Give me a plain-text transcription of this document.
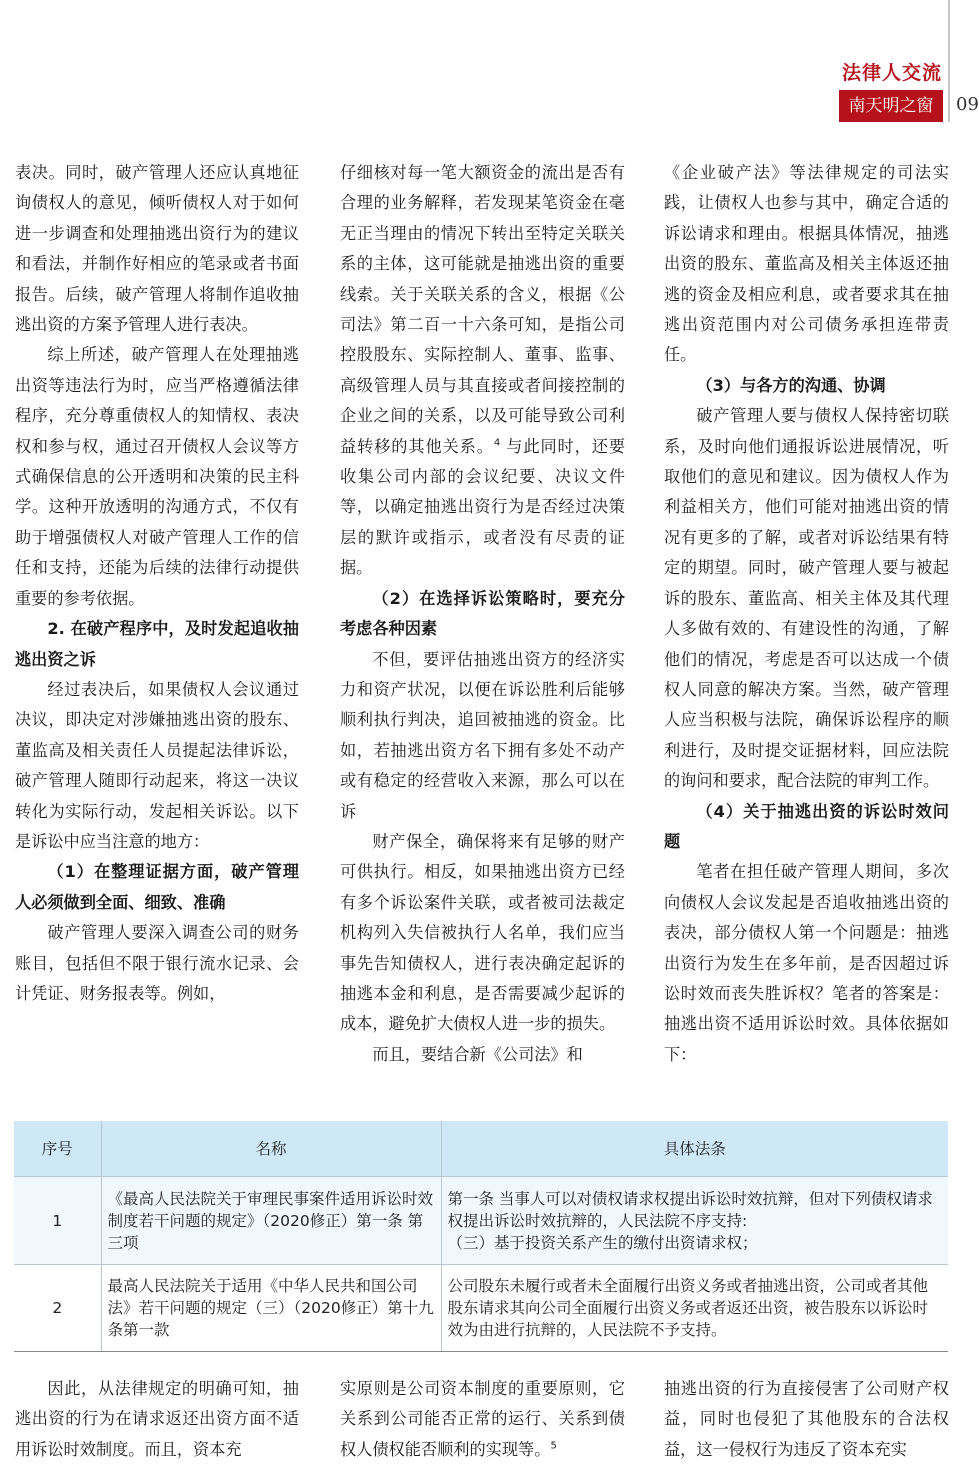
法律人交流
南天明之窗	09

表决。同时，破产管理人还应认真地征询债权人的意见，倾听债权人对于如何进一步调查和处理抽逃出资行为的建议和看法，并制作好相应的笔录或者书面报告。后续，破产管理人将制作追收抽逃出资的方案予管理人进行表决。

综上所述，破产管理人在处理抽逃出资等违法行为时，应当严格遵循法律程序，充分尊重债权人的知情权、表决权和参与权，通过召开债权人会议等方式确保信息的公开透明和决策的民主科学。这种开放透明的沟通方式，不仅有助于增强债权人对破产管理人工作的信任和支持，还能为后续的法律行动提供重要的参考依据。

2. 在破产程序中，及时发起追收抽逃出资之诉

经过表决后，如果债权人会议通过决议，即决定对涉嫌抽逃出资的股东、董监高及相关责任人员提起法律诉讼，破产管理人随即行动起来，将这一决议转化为实际行动，发起相关诉讼。以下是诉讼中应当注意的地方：

（1）在整理证据方面，破产管理人必须做到全面、细致、准确

破产管理人要深入调查公司的财务账目，包括但不限于银行流水记录、会计凭证、财务报表等。例如，

仔细核对每一笔大额资金的流出是否有合理的业务解释，若发现某笔资金在毫无正当理由的情况下转出至特定关联关系的主体，这可能就是抽逃出资的重要线索。关于关联关系的含义，根据《公司法》第二百一十六条可知，是指公司控股股东、实际控制人、董事、监事、高级管理人员与其直接或者间接控制的企业之间的关系，以及可能导致公司利益转移的其他关系。$^4$ 与此同时，还要收集公司内部的会议纪要、决议文件等，以确定抽逃出资行为是否经过决策层的默许或指示，或者没有尽责的证据。

（2）在选择诉讼策略时，要充分考虑各种因素

不但，要评估抽逃出资方的经济实力和资产状况，以便在诉讼胜利后能够顺利执行判决，追回被抽逃的资金。比如，若抽逃出资方名下拥有多处不动产或有稳定的经营收入来源，那么可以在诉

财产保全，确保将来有足够的财产可供执行。相反，如果抽逃出资方已经有多个诉讼案件关联，或者被司法裁定机构列入失信被执行人名单，我们应当事先告知债权人，进行表决确定起诉的抽逃本金和利息，是否需要减少起诉的成本，避免扩大债权人进一步的损失。

而且，要结合新《公司法》和

《企业破产法》等法律规定的司法实践，让债权人也参与其中，确定合适的诉讼请求和理由。根据具体情况，抽逃出资的股东、董监高及相关主体返还抽逃的资金及相应利息，或者要求其在抽逃出资范围内对公司债务承担连带责任。

（3）与各方的沟通、协调

破产管理人要与债权人保持密切联系，及时向他们通报诉讼进展情况，听取他们的意见和建议。因为债权人作为利益相关方，他们可能对抽逃出资的情况有更多的了解，或者对诉讼结果有特定的期望。同时，破产管理人要与被起诉的股东、董监高、相关主体及其代理人多做有效的、有建设性的沟通，了解他们的情况，考虑是否可以达成一个债权人同意的解决方案。当然，破产管理人应当积极与法院，确保诉讼程序的顺利进行，及时提交证据材料，回应法院的询问和要求，配合法院的审判工作。

（4）关于抽逃出资的诉讼时效问题

笔者在担任破产管理人期间，多次向债权人会议发起是否追收抽逃出资的表决，部分债权人第一个问题是：抽逃出资行为发生在多年前，是否因超过诉讼时效而丧失胜诉权？笔者的答案是：抽逃出资不适用诉讼时效。具体依据如下：

序号	名称	具体法条
1	《最高人民法院关于审理民事案件适用诉讼时效制度若干问题的规定》（2020修正）第一条 第三项	第一条 当事人可以对债权请求权提出诉讼时效抗辩，但对下列债权请求权提出诉讼时效抗辩的，人民法院不序支持:
（三）基于投资关系产生的缴付出资请求权；

2	最高人民法院关于适用《中华人民共和国公司法》若干问题的规定（三）（2020修正）第十九条第一款	公司股东未履行或者未全面履行出资义务或者抽逃出资，公司或者其他股东请求其向公司全面履行出资义务或者返还出资，被告股东以诉讼时效为由进行抗辩的，人民法院不予支持。

因此，从法律规定的明确可知，抽逃出资的行为在请求返还出资方面不适用诉讼时效制度。而且，资本充

实原则是公司资本制度的重要原则，它关系到公司能否正常的运行、关系到债权人债权能否顺利的实现等。$^5$

抽逃出资的行为直接侵害了公司财产权益，同时也侵犯了其他股东的合法权益，这一侵权行为违反了资本充实
